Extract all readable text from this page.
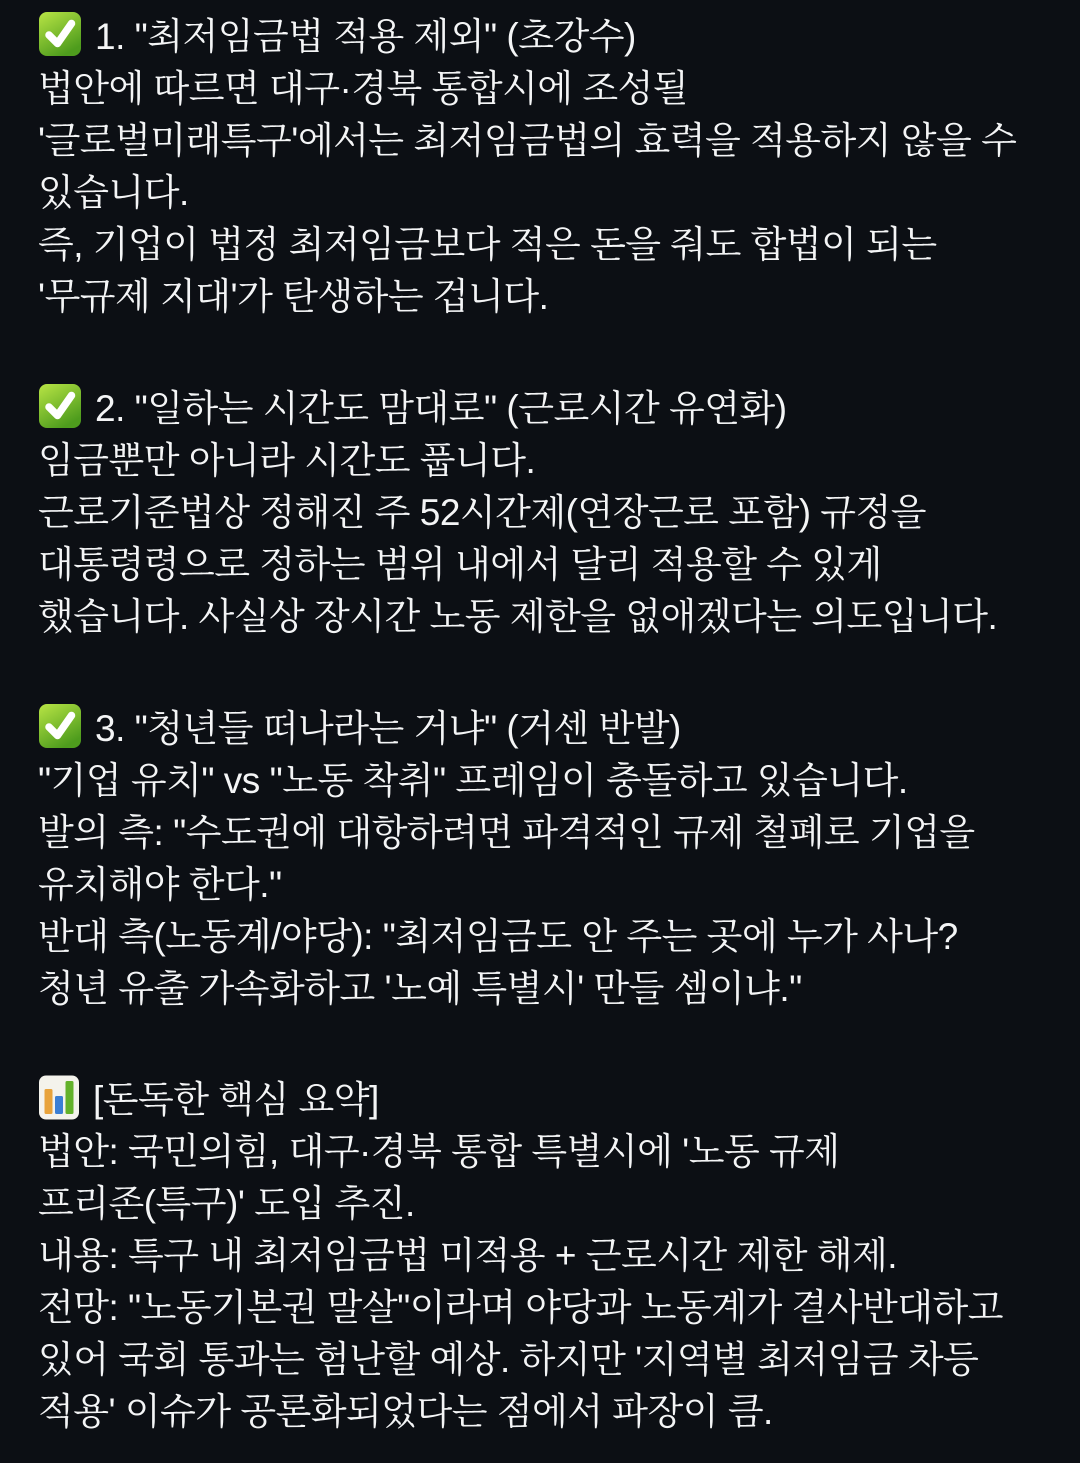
1. "최저임금법 적용 제외" (초강수)
법안에 따르면 대구·경북 통합시에 조성될
'글로벌미래특구'에서는 최저임금법의 효력을 적용하지 않을 수
있습니다.
즉, 기업이 법정 최저임금보다 적은 돈을 줘도 합법이 되는
'무규제 지대'가 탄생하는 겁니다.
2. "일하는 시간도 맘대로" (근로시간 유연화)
임금뿐만 아니라 시간도 풉니다.
근로기준법상 정해진 주 52시간제(연장근로 포함) 규정을
대통령령으로 정하는 범위 내에서 달리 적용할 수 있게
했습니다. 사실상 장시간 노동 제한을 없애겠다는 의도입니다.
3. "청년들 떠나라는 거냐" (거센 반발)
"기업 유치" vs "노동 착취" 프레임이 충돌하고 있습니다.
발의 측: "수도권에 대항하려면 파격적인 규제 철폐로 기업을
유치해야 한다."
반대 측(노동계/야당): "최저임금도 안 주는 곳에 누가 사나?
청년 유출 가속화하고 '노예 특별시' 만들 셈이냐."
[돈독한 핵심 요약]
법안: 국민의힘, 대구·경북 통합 특별시에 '노동 규제
프리존(특구)' 도입 추진.
내용: 특구 내 최저임금법 미적용 + 근로시간 제한 해제.
전망: "노동기본권 말살"이라며 야당과 노동계가 결사반대하고
있어 국회 통과는 험난할 예상. 하지만 '지역별 최저임금 차등
적용' 이슈가 공론화되었다는 점에서 파장이 큼.
